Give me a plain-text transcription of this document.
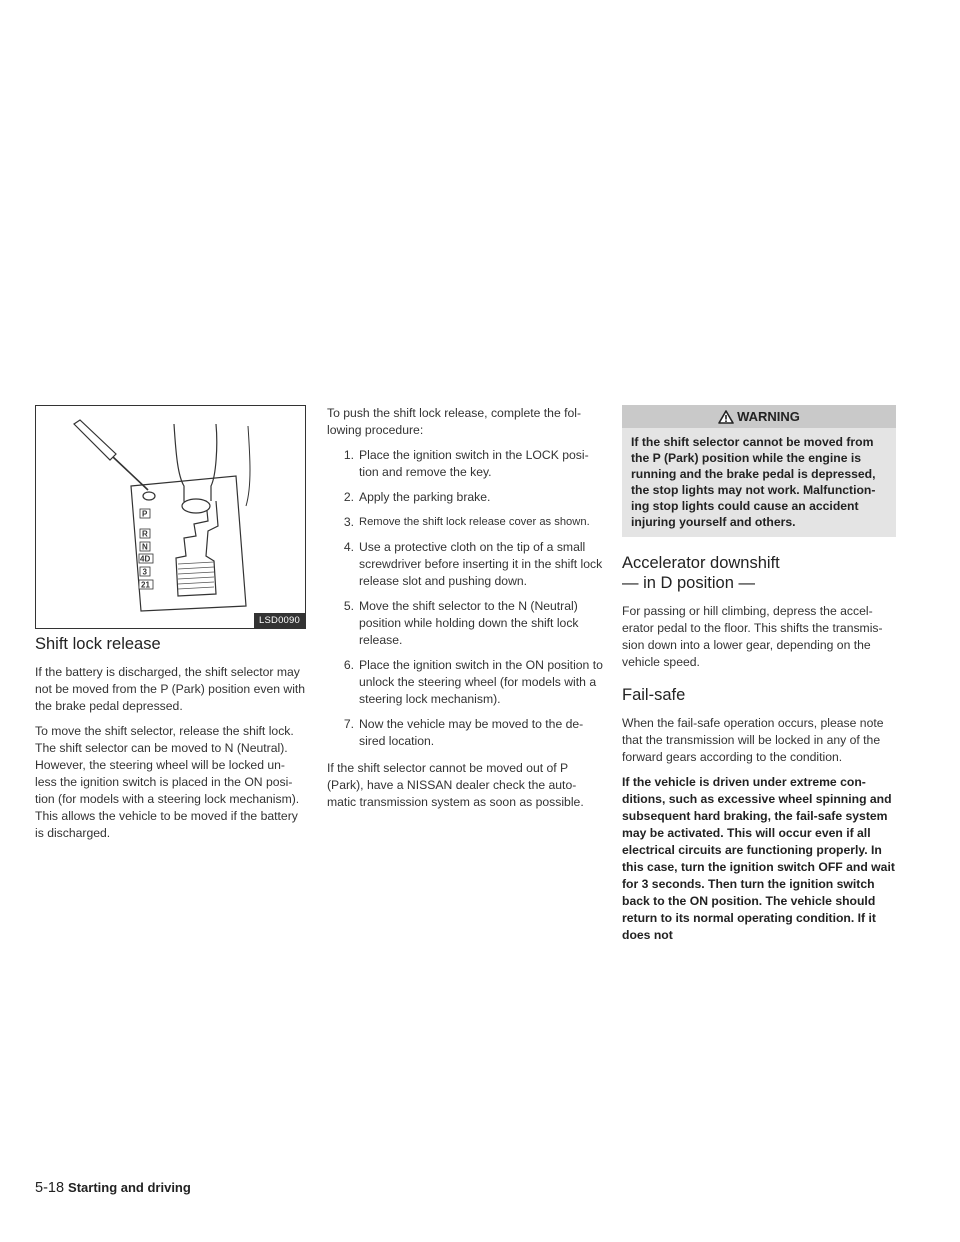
P
R
N
4D
3
21
LSD0090
Shift lock release

If the battery is discharged, the shift selector may not be moved from the P (Park) position even with the brake pedal depressed.

To move the shift selector, release the shift lock. The shift selector can be moved to N (Neutral). However, the steering wheel will be locked un- less the ignition switch is placed in the ON posi- tion (for models with a steering lock mechanism). This allows the vehicle to be moved if the battery is discharged.

To push the shift lock release, complete the fol- lowing procedure:

1. Place the ignition switch in the LOCK posi- tion and remove the key.
2. Apply the parking brake.
3. Remove the shift lock release cover as shown.
4. Use a protective cloth on the tip of a small screwdriver before inserting it in the shift lock release slot and pushing down.
5. Move the shift selector to the N (Neutral) position while holding down the shift lock release.
6. Place the ignition switch in the ON position to unlock the steering wheel (for models with a steering lock mechanism).
7. Now the vehicle may be moved to the de- sired location.

If the shift selector cannot be moved out of P (Park), have a NISSAN dealer check the auto- matic transmission system as soon as possible.

WARNING
If the shift selector cannot be moved from the P (Park) position while the engine is running and the brake pedal is depressed, the stop lights may not work. Malfunction- ing stop lights could cause an accident injuring yourself and others.
Accelerator downshift
— in D position —

For passing or hill climbing, depress the accel- erator pedal to the floor. This shifts the transmis- sion down into a lower gear, depending on the vehicle speed.

Fail-safe

When the fail-safe operation occurs, please note that the transmission will be locked in any of the forward gears according to the condition.

If the vehicle is driven under extreme con- ditions, such as excessive wheel spinning and subsequent hard braking, the fail-safe system may be activated. This will occur even if all electrical circuits are functioning properly. In this case, turn the ignition switch OFF and wait for 3 seconds. Then turn the ignition switch back to the ON position. The vehicle should return to its normal operating condition. If it does not

5-18 Starting and driving
